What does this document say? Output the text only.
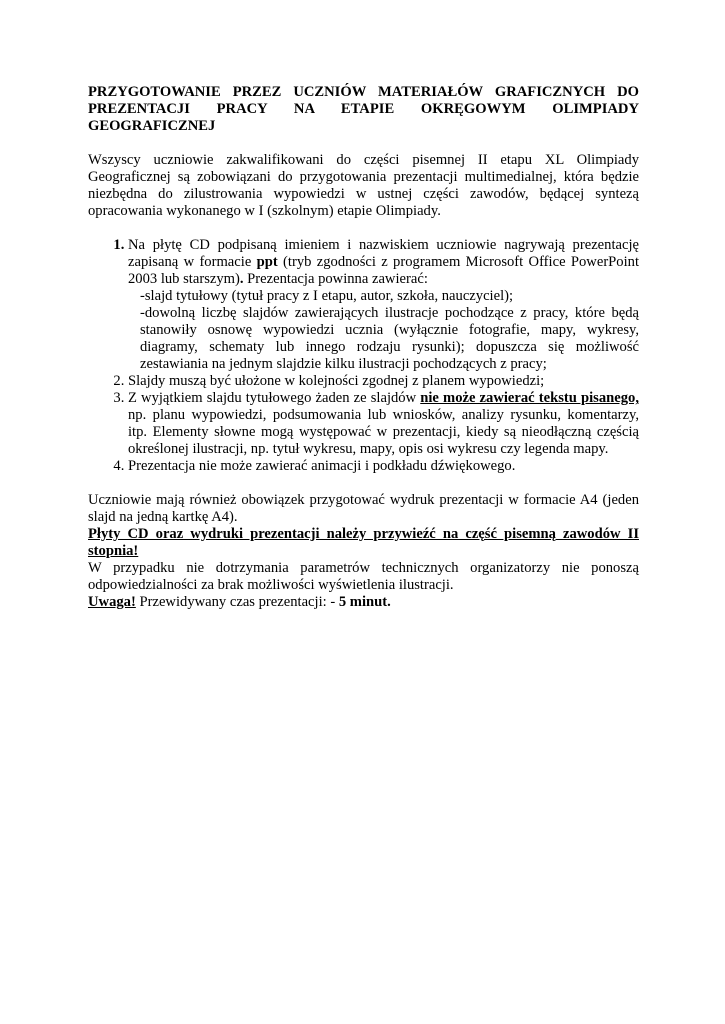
PRZYGOTOWANIE PRZEZ UCZNIÓW MATERIAŁÓW GRAFICZNYCH DO
PREZENTACJI PRACY NA ETAPIE OKRĘGOWYM OLIMPIADY GEOGRAFICZNEJ

Wszyscy uczniowie zakwalifikowani do części pisemnej II etapu XL Olimpiady Geograficznej są zobowiązani do przygotowania prezentacji multimedialnej, która będzie niezbędna do zilustrowania wypowiedzi w ustnej części zawodów, będącej syntezą opracowania wykonanego w I (szkolnym) etapie Olimpiady.

1. Na płytę CD podpisaną imieniem i nazwiskiem uczniowie nagrywają prezentację zapisaną w formacie ppt (tryb zgodności z programem Microsoft Office PowerPoint 2003 lub starszym). Prezentacja powinna zawierać:
-slajd tytułowy (tytuł pracy z I etapu, autor, szkoła, nauczyciel);
-dowolną liczbę slajdów zawierających ilustracje pochodzące z pracy, które będą stanowiły osnowę wypowiedzi ucznia (wyłącznie fotografie, mapy, wykresy, diagramy, schematy lub innego rodzaju rysunki); dopuszcza się możliwość zestawiania na jednym slajdzie kilku ilustracji pochodzących z pracy;
2. Slajdy muszą być ułożone w kolejności zgodnej z planem wypowiedzi;
3. Z wyjątkiem slajdu tytułowego żaden ze slajdów nie może zawierać tekstu pisanego, np. planu wypowiedzi, podsumowania lub wniosków, analizy rysunku, komentarzy, itp. Elementy słowne mogą występować w prezentacji, kiedy są nieodłączną częścią określonej ilustracji, np. tytuł wykresu, mapy, opis osi wykresu czy legenda mapy.
4. Prezentacja nie może zawierać animacji i podkładu dźwiękowego.

Uczniowie mają również obowiązek przygotować wydruk prezentacji w formacie A4 (jeden slajd na jedną kartkę A4).

Płyty CD oraz wydruki prezentacji należy przywieźć na część pisemną zawodów II stopnia!

W przypadku nie dotrzymania parametrów technicznych organizatorzy nie ponoszą odpowiedzialności za brak możliwości wyświetlenia ilustracji.

Uwaga! Przewidywany czas prezentacji: - 5 minut.
